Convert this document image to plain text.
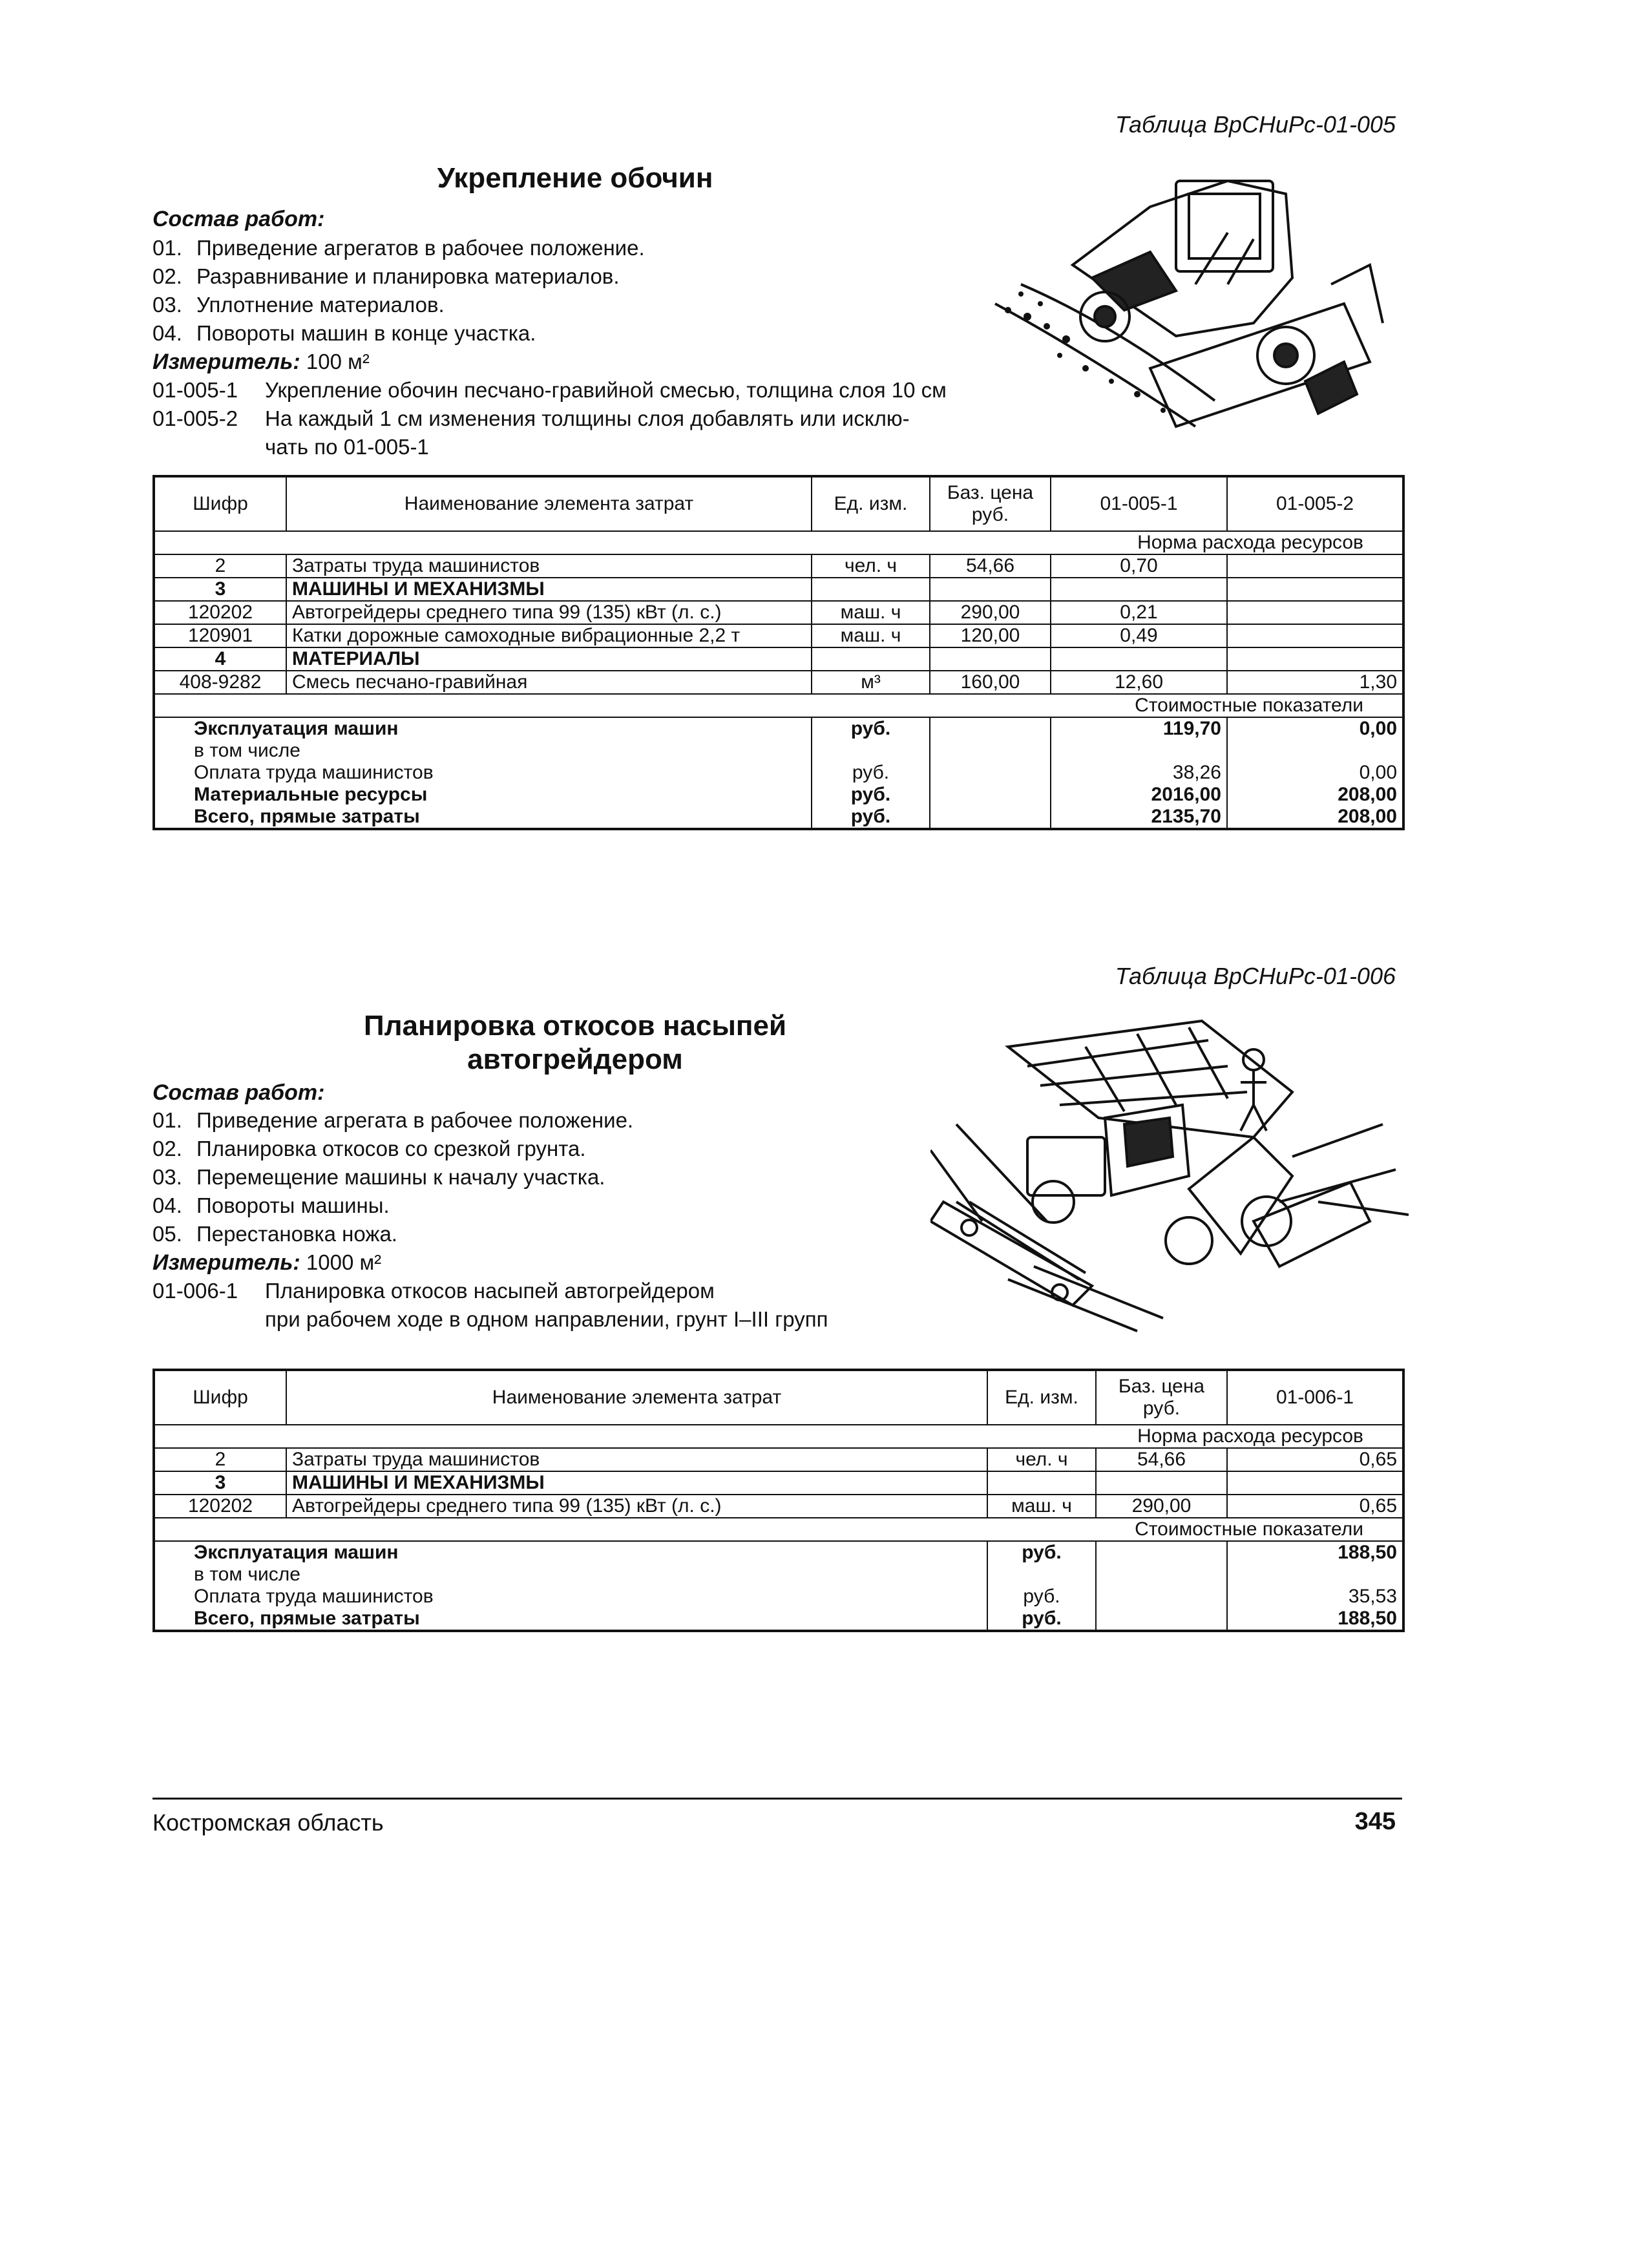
Таблица ВрСНиРс-01-005
Укрепление обочин
Состав работ:
01. Приведение агрегатов в рабочее положение.
02. Разравнивание и планировка материалов.
03. Уплотнение материалов.
04. Повороты машин в конце участка.
Измеритель: 100 м²
01-005-1 Укрепление обочин песчано-гравийной смесью, толщина слоя 10 см
01-005-2 На каждый 1 см изменения толщины слоя добавлять или исклю-
чать по 01-005-1
Шифр	Наименование элемента затрат	Ед. изм.	Баз. цена руб.	01-005-1	01-005-2
Норма расхода ресурсов					
2	Затраты труда машинистов	чел. ч	54,66	0,70	
3	МАШИНЫ И МЕХАНИЗМЫ				
120202	Автогрейдеры среднего типа 99 (135) кВт (л. с.)	маш. ч	290,00	0,21	
120901	Катки дорожные самоходные вибрационные 2,2 т	маш. ч	120,00	0,49	
4	МАТЕРИАЛЫ				
408-9282	Смесь песчано-гравийная	м³	160,00	12,60	1,30
Стоимостные показатели					
Эксплуатация машин		руб.		119,70	0,00
в том числе					
Оплата труда машинистов		руб.		38,26	0,00
Материальные ресурсы		руб.		2016,00	208,00
Всего, прямые затраты		руб.		2135,70	208,00
Таблица ВрСНиРс-01-006
Планировка откосов насыпей
автогрейдером
Состав работ:
01. Приведение агрегата в рабочее положение.
02. Планировка откосов со срезкой грунта.
03. Перемещение машины к началу участка.
04. Повороты машины.
05. Перестановка ножа.
Измеритель: 1000 м²
01-006-1 Планировка откосов насыпей автогрейдером
при рабочем ходе в одном направлении, грунт I–III групп
Шифр	Наименование элемента затрат	Ед. изм.	Баз. цена руб.	01-006-1
Норма расхода ресурсов				
2	Затраты труда машинистов	чел. ч	54,66	0,65
3	МАШИНЫ И МЕХАНИЗМЫ			
120202	Автогрейдеры среднего типа 99 (135) кВт (л. с.)	маш. ч	290,00	0,65
Стоимостные показатели				
Эксплуатация машин		руб.		188,50
в том числе				
Оплата труда машинистов		руб.		35,53
Всего, прямые затраты		руб.		188,50
Костромская область	345
